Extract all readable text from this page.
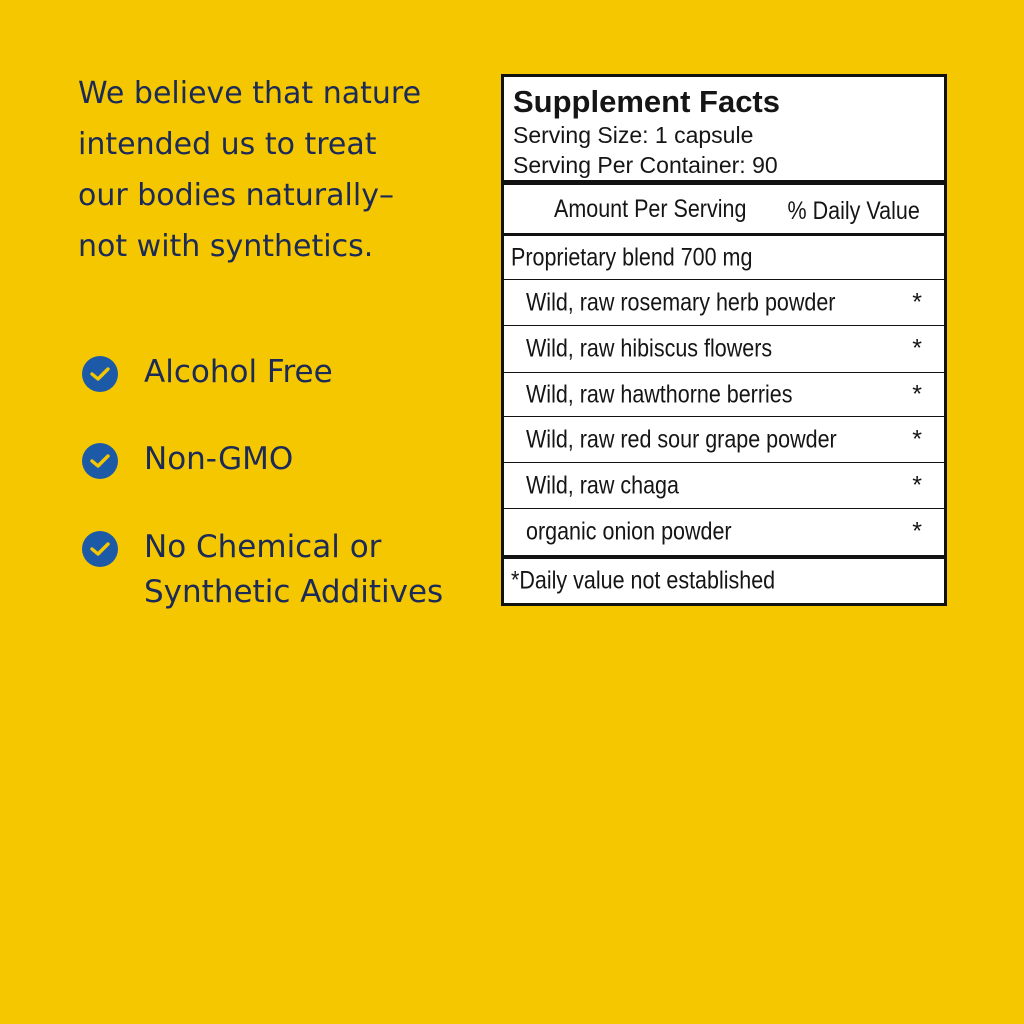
We believe that nature
intended us to treat
our bodies naturally–
not with synthetics.
Alcohol Free
Non-GMO
No Chemical or
Synthetic Additives
Supplement Facts
Serving Size: 1 capsule
Serving Per Container: 90
Amount Per Serving % Daily Value
Proprietary blend 700 mg
Wild, raw rosemary herb powder	*
Wild, raw hibiscus flowers	*
Wild, raw hawthorne berries	*
Wild, raw red sour grape powder	*
Wild, raw chaga	*
organic onion powder	*
*Daily value not established
